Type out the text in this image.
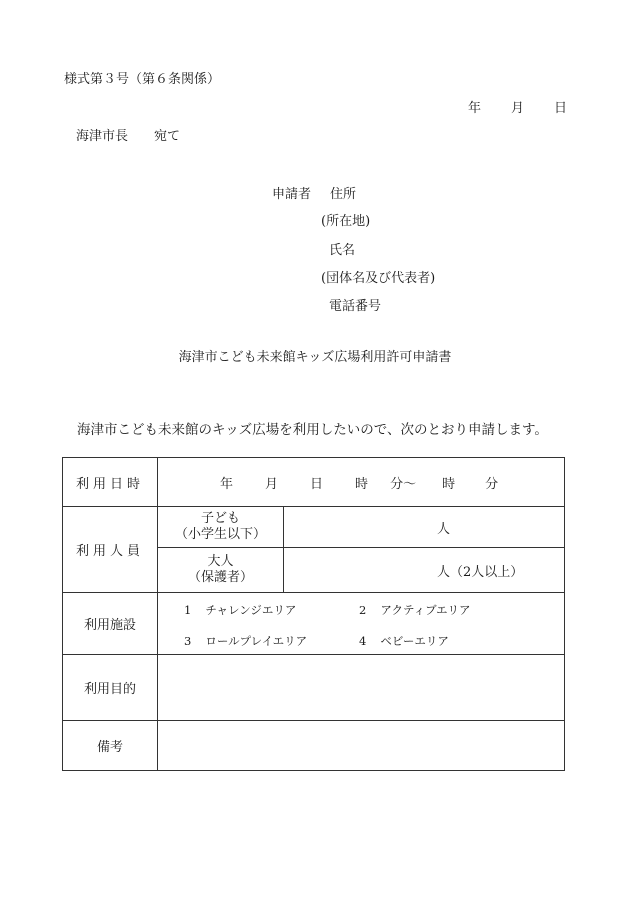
様式第３号（第６条関係）
年 月 日
海津市長 宛て
申請者 住所
(所在地)
氏名
(団体名及び代表者)
電話番号
海津市こども未来館キッズ広場利用許可申請書
海津市こども未来館のキッズ広場を利用したいので、次のとおり申請します。
利用日時	年 月 日 時 分〜 時 分	
利用人員	子ども
（小学生以下）	人

	大人
（保護者）	人（2人以上）
利用施設	1 チャレンジエリア 2 アクティブエリア
3 ロールプレイエリア 4 ベビーエリア	

利用目的		
備考		
